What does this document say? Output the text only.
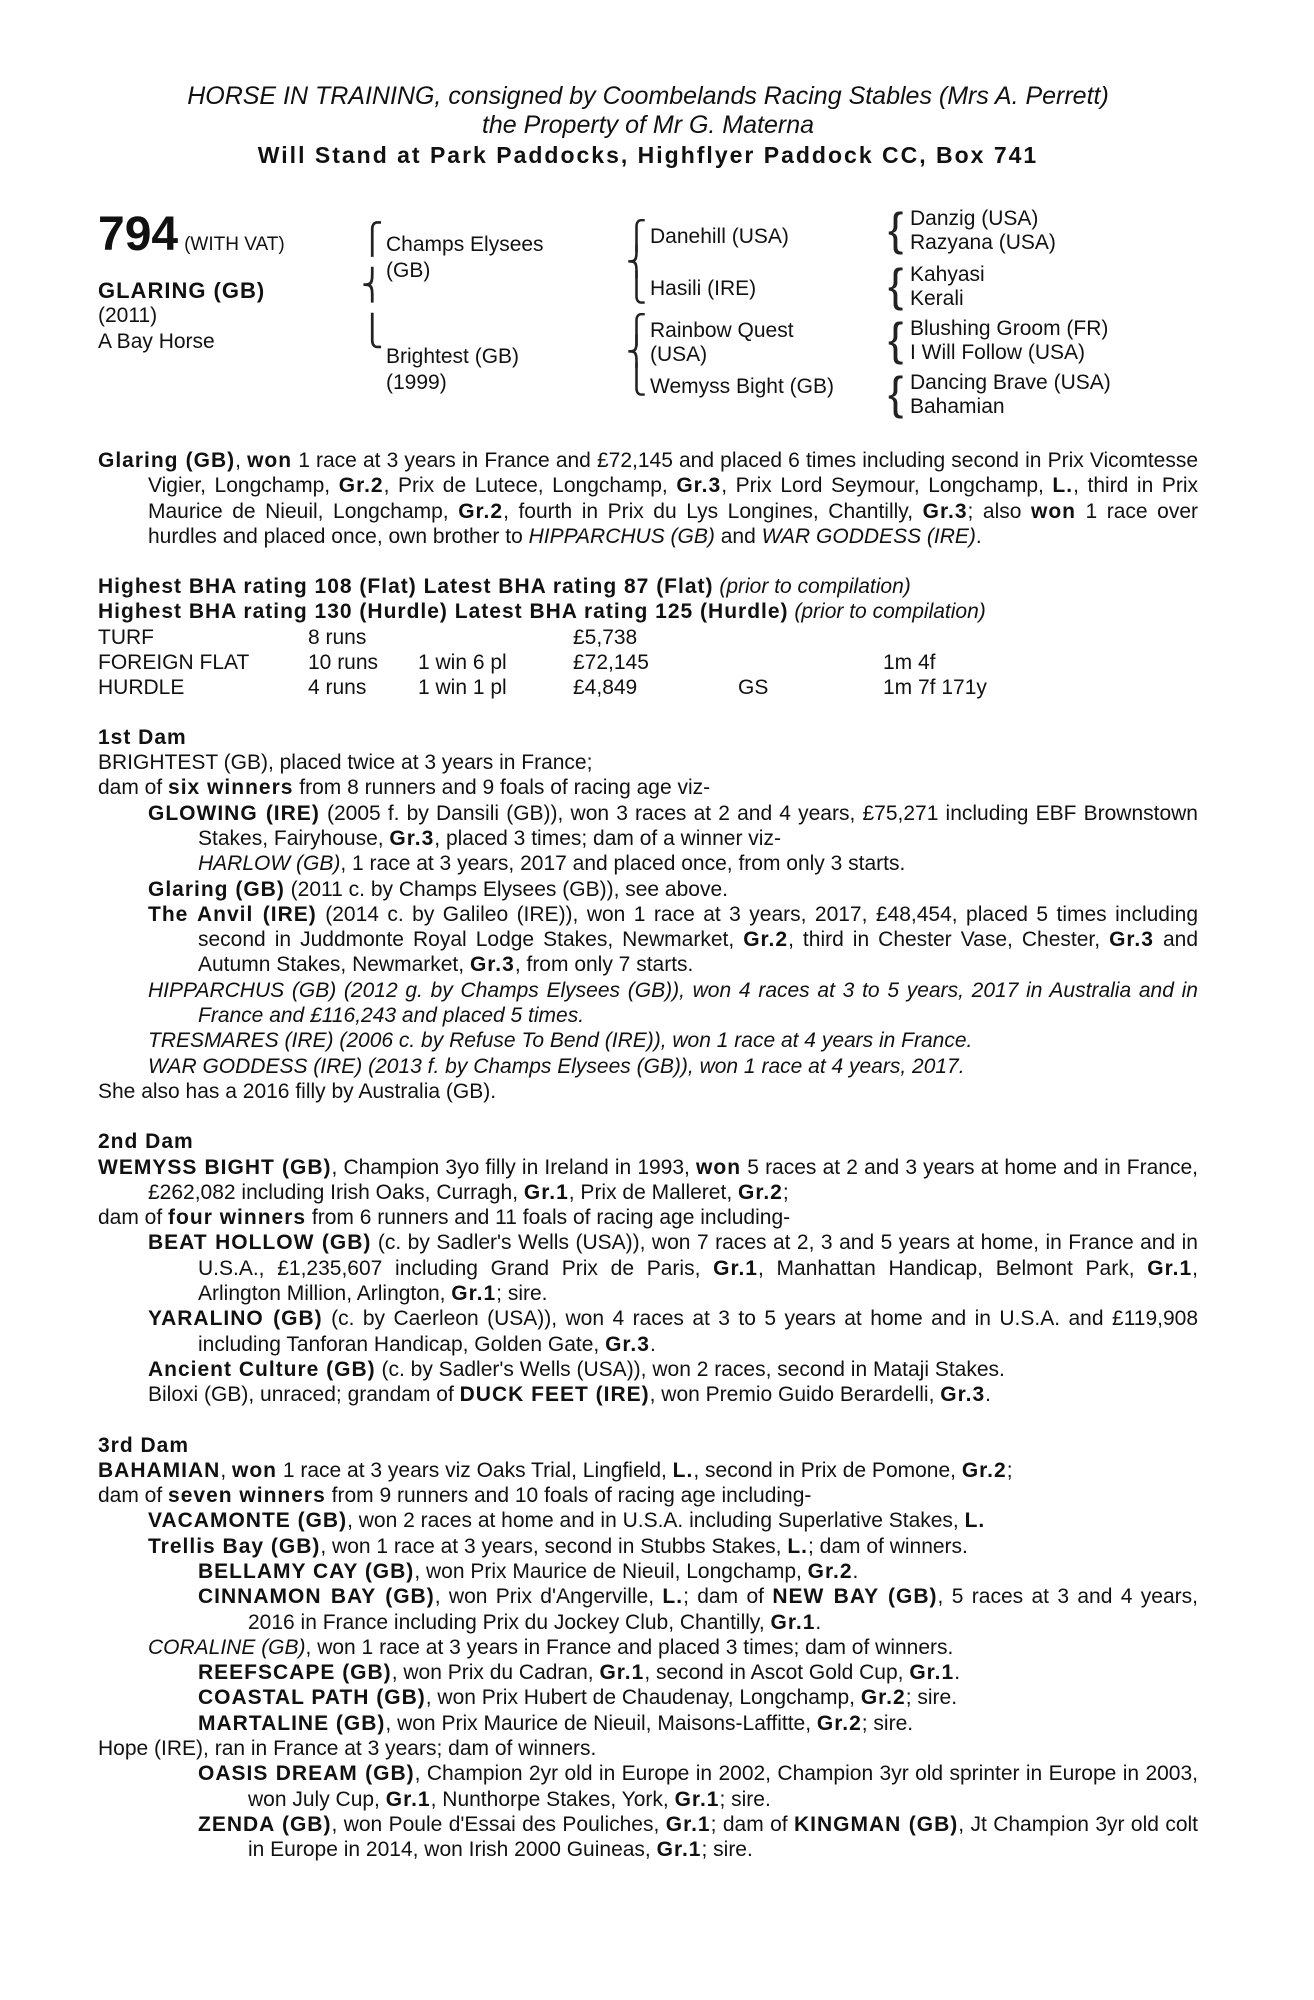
HORSE IN TRAINING, consigned by Coombelands Racing Stables (Mrs A. Perrett)
the Property of Mr G. Materna
Will Stand at Park Paddocks, Highflyer Paddock CC, Box 741
794 (WITH VAT)
GLARING (GB)
(2011)
A Bay Horse
⎧
⎨
⎩
Champs Elysees
(GB)
Brightest (GB)
(1999)
⎧
⎨
⎩
Danehill (USA)
Hasili (IRE)
⎧
⎨
⎩
Rainbow Quest
(USA)
Wemyss Bight (GB)
{ Danzig (USA)
Razyana (USA)
{ Kahyasi
Kerali
{ Blushing Groom (FR)
I Will Follow (USA)
{ Dancing Brave (USA)
Bahamian
Glaring (GB), won 1 race at 3 years in France and £72,145 and placed 6 times including second in Prix Vicomtesse Vigier, Longchamp, Gr.2, Prix de Lutece, Longchamp, Gr.3, Prix Lord Seymour, Longchamp, L., third in Prix Maurice de Nieuil, Longchamp, Gr.2, fourth in Prix du Lys Longines, Chantilly, Gr.3; also won 1 race over hurdles and placed once, own brother to HIPPARCHUS (GB) and WAR GODDESS (IRE).
Highest BHA rating 108 (Flat) Latest BHA rating 87 (Flat) (prior to compilation)
Highest BHA rating 130 (Hurdle) Latest BHA rating 125 (Hurdle) (prior to compilation)
TURF	8 runs		£5,738		
FOREIGN FLAT	10 runs	1 win 6 pl	£72,145		1m 4f
HURDLE	4 runs	1 win 1 pl	£4,849	GS	1m 7f 171y
1st Dam
BRIGHTEST (GB), placed twice at 3 years in France;
dam of six winners from 8 runners and 9 foals of racing age viz-
GLOWING (IRE) (2005 f. by Dansili (GB)), won 3 races at 2 and 4 years, £75,271 including EBF Brownstown Stakes, Fairyhouse, Gr.3, placed 3 times; dam of a winner viz-
HARLOW (GB), 1 race at 3 years, 2017 and placed once, from only 3 starts.
Glaring (GB) (2011 c. by Champs Elysees (GB)), see above.
The Anvil (IRE) (2014 c. by Galileo (IRE)), won 1 race at 3 years, 2017, £48,454, placed 5 times including second in Juddmonte Royal Lodge Stakes, Newmarket, Gr.2, third in Chester Vase, Chester, Gr.3 and Autumn Stakes, Newmarket, Gr.3, from only 7 starts.
HIPPARCHUS (GB) (2012 g. by Champs Elysees (GB)), won 4 races at 3 to 5 years, 2017 in Australia and in France and £116,243 and placed 5 times.
TRESMARES (IRE) (2006 c. by Refuse To Bend (IRE)), won 1 race at 4 years in France.
WAR GODDESS (IRE) (2013 f. by Champs Elysees (GB)), won 1 race at 4 years, 2017.
She also has a 2016 filly by Australia (GB).
2nd Dam
WEMYSS BIGHT (GB), Champion 3yo filly in Ireland in 1993, won 5 races at 2 and 3 years at home and in France, £262,082 including Irish Oaks, Curragh, Gr.1, Prix de Malleret, Gr.2;
dam of four winners from 6 runners and 11 foals of racing age including-
BEAT HOLLOW (GB) (c. by Sadler's Wells (USA)), won 7 races at 2, 3 and 5 years at home, in France and in U.S.A., £1,235,607 including Grand Prix de Paris, Gr.1, Manhattan Handicap, Belmont Park, Gr.1, Arlington Million, Arlington, Gr.1; sire.
YARALINO (GB) (c. by Caerleon (USA)), won 4 races at 3 to 5 years at home and in U.S.A. and £119,908 including Tanforan Handicap, Golden Gate, Gr.3.
Ancient Culture (GB) (c. by Sadler's Wells (USA)), won 2 races, second in Mataji Stakes.
Biloxi (GB), unraced; grandam of DUCK FEET (IRE), won Premio Guido Berardelli, Gr.3.
3rd Dam
BAHAMIAN, won 1 race at 3 years viz Oaks Trial, Lingfield, L., second in Prix de Pomone, Gr.2;
dam of seven winners from 9 runners and 10 foals of racing age including-
VACAMONTE (GB), won 2 races at home and in U.S.A. including Superlative Stakes, L.
Trellis Bay (GB), won 1 race at 3 years, second in Stubbs Stakes, L.; dam of winners.
BELLAMY CAY (GB), won Prix Maurice de Nieuil, Longchamp, Gr.2.
CINNAMON BAY (GB), won Prix d'Angerville, L.; dam of NEW BAY (GB), 5 races at 3 and 4 years, 2016 in France including Prix du Jockey Club, Chantilly, Gr.1.
CORALINE (GB), won 1 race at 3 years in France and placed 3 times; dam of winners.
REEFSCAPE (GB), won Prix du Cadran, Gr.1, second in Ascot Gold Cup, Gr.1.
COASTAL PATH (GB), won Prix Hubert de Chaudenay, Longchamp, Gr.2; sire.
MARTALINE (GB), won Prix Maurice de Nieuil, Maisons-Laffitte, Gr.2; sire.
Hope (IRE), ran in France at 3 years; dam of winners.
OASIS DREAM (GB), Champion 2yr old in Europe in 2002, Champion 3yr old sprinter in Europe in 2003, won July Cup, Gr.1, Nunthorpe Stakes, York, Gr.1; sire.
ZENDA (GB), won Poule d'Essai des Pouliches, Gr.1; dam of KINGMAN (GB), Jt Champion 3yr old colt in Europe in 2014, won Irish 2000 Guineas, Gr.1; sire.
